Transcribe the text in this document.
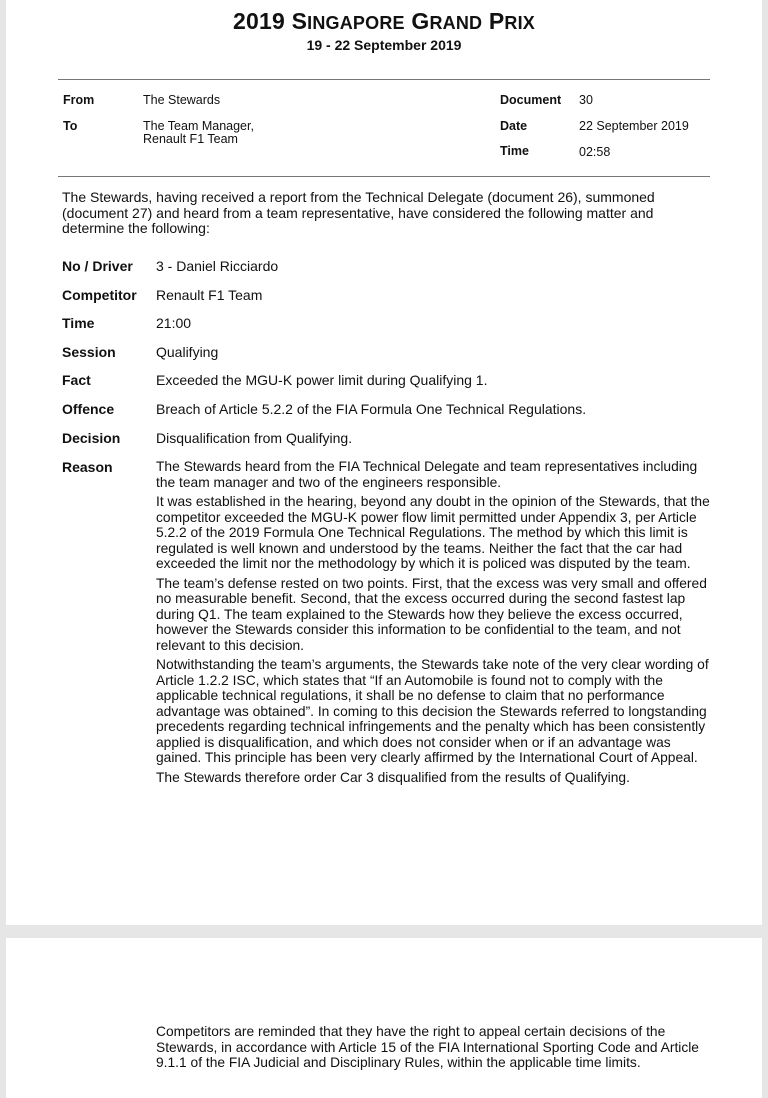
2019 SINGAPORE GRAND PRIX
19 - 22 September 2019
From	The Stewards
To	The Team Manager,
Renault F1 Team
Document 30
Date	22 September 2019
Time	02:58
The Stewards, having received a report from the Technical Delegate (document 26), summoned (document 27) and heard from a team representative, have considered the following matter and determine the following:
No / Driver 3 - Daniel Ricciardo
Competitor Renault F1 Team
Time	21:00
Session	Qualifying
Fact	Exceeded the MGU-K power limit during Qualifying 1.
Offence	Breach of Article 5.2.2 of the FIA Formula One Technical Regulations.
Decision	Disqualification from Qualifying.
Reason	The Stewards heard from the FIA Technical Delegate and team representatives including the team manager and two of the engineers responsible.

It was established in the hearing, beyond any doubt in the opinion of the Stewards, that the competitor exceeded the MGU-K power flow limit permitted under Appendix 3, per Article 5.2.2 of the 2019 Formula One Technical Regulations. The method by which this limit is regulated is well known and understood by the teams. Neither the fact that the car had exceeded the limit nor the methodology by which it is policed was disputed by the team.

The team’s defense rested on two points. First, that the excess was very small and offered no measurable benefit. Second, that the excess occurred during the second fastest lap during Q1. The team explained to the Stewards how they believe the excess occurred, however the Stewards consider this information to be confidential to the team, and not relevant to this decision.

Notwithstanding the team’s arguments, the Stewards take note of the very clear wording of Article 1.2.2 ISC, which states that “If an Automobile is found not to comply with the applicable technical regulations, it shall be no defense to claim that no performance advantage was obtained”. In coming to this decision the Stewards referred to longstanding precedents regarding technical infringements and the penalty which has been consistently applied is disqualification, and which does not consider when or if an advantage was gained. This principle has been very clearly affirmed by the International Court of Appeal.

The Stewards therefore order Car 3 disqualified from the results of Qualifying.

Competitors are reminded that they have the right to appeal certain decisions of the Stewards, in accordance with Article 15 of the FIA International Sporting Code and Article 9.1.1 of the FIA Judicial and Disciplinary Rules, within the applicable time limits.
